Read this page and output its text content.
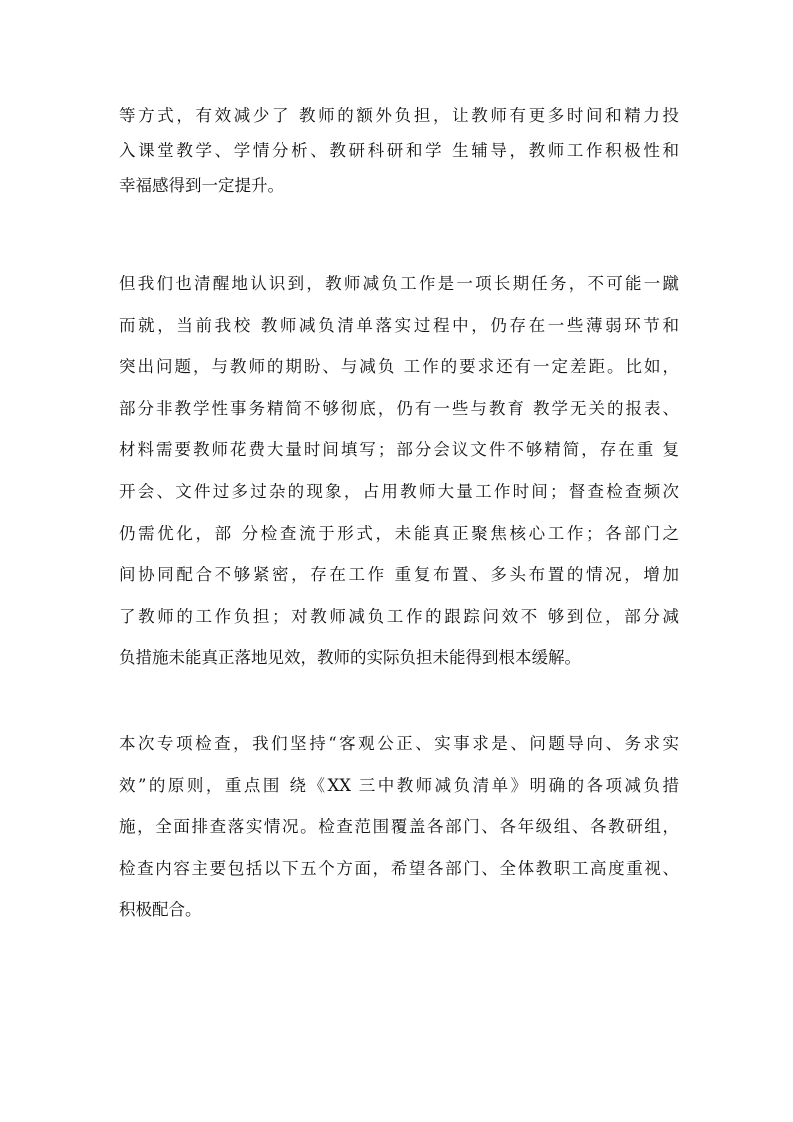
等方式，有效减少了 教师的额外负担，让教师有更多时间和精力投
入课堂教学、学情分析、教研科研和学 生辅导，教师工作积极性和
幸福感得到一定提升。
但我们也清醒地认识到，教师减负工作是一项长期任务，不可能一蹴
而就，当前我校 教师减负清单落实过程中，仍存在一些薄弱环节和
突出问题，与教师的期盼、与减负 工作的要求还有一定差距。比如，
部分非教学性事务精简不够彻底，仍有一些与教育 教学无关的报表、
材料需要教师花费大量时间填写；部分会议文件不够精简，存在重 复
开会、文件过多过杂的现象，占用教师大量工作时间；督查检查频次
仍需优化，部 分检查流于形式，未能真正聚焦核心工作；各部门之
间协同配合不够紧密，存在工作 重复布置、多头布置的情况，增加
了教师的工作负担；对教师减负工作的跟踪问效不 够到位，部分减
负措施未能真正落地见效，教师的实际负担未能得到根本缓解。
本次专项检查，我们坚持“客观公正、实事求是、问题导向、务求实
效”的原则，重点围 绕《XX 三中教师减负清单》明确的各项减负措
施，全面排查落实情况。检查范围覆盖各部门、各年级组、各教研组，
检查内容主要包括以下五个方面，希望各部门、全体教职工高度重视、
积极配合。
